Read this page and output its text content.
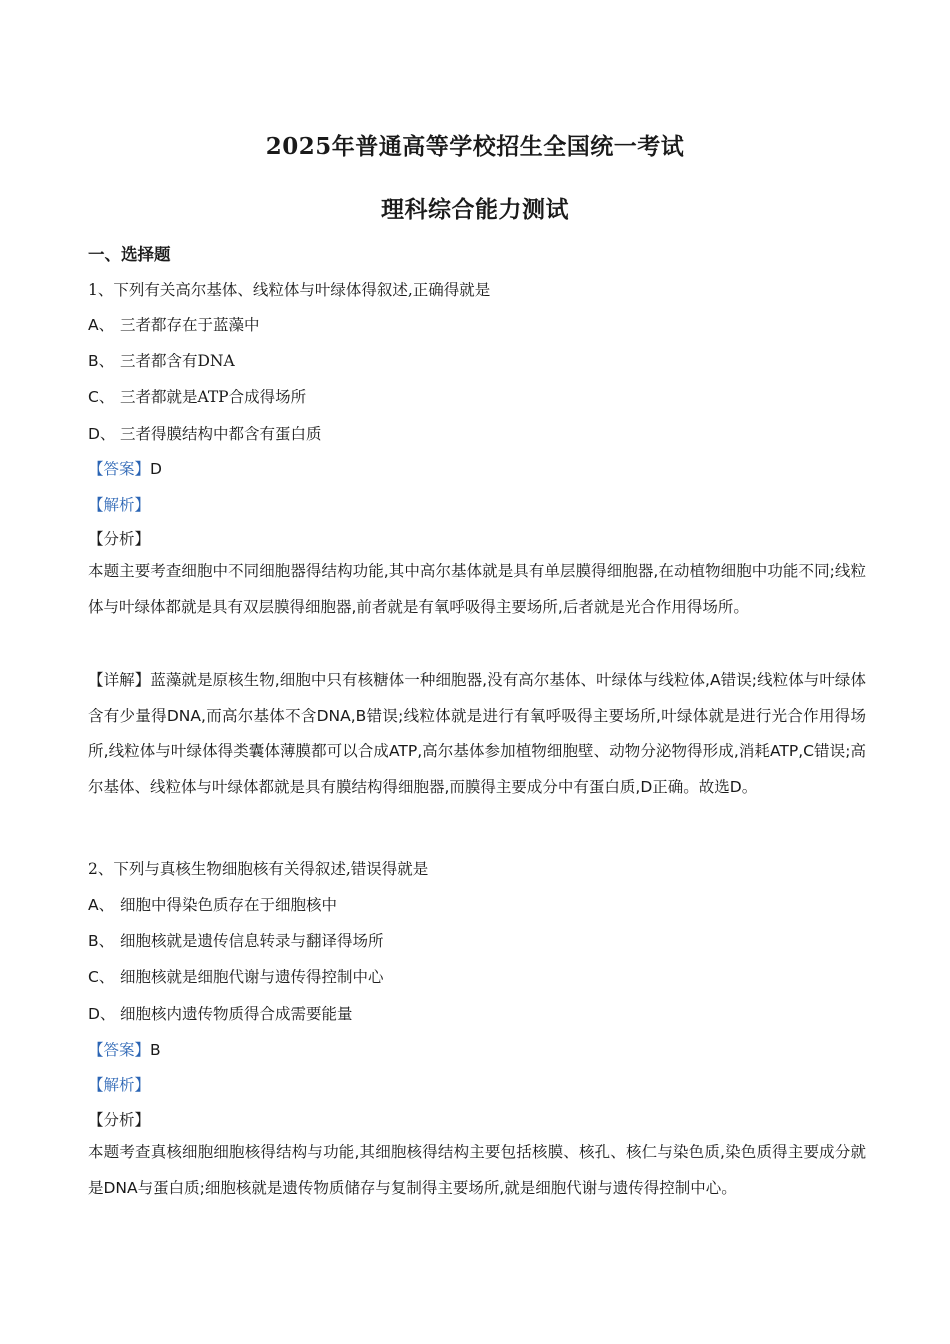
2025年普通高等学校招生全国统一考试
理科综合能力测试
一、选择题
1、下列有关高尔基体、线粒体与叶绿体得叙述,正确得就是
A、 三者都存在于蓝藻中
B、 三者都含有DNA
C、 三者都就是ATP合成得场所
D、 三者得膜结构中都含有蛋白质
【答案】D
【解析】
【分析】
本题主要考查细胞中不同细胞器得结构功能,其中高尔基体就是具有单层膜得细胞器,在动植物细胞中功能不同;线粒体与叶绿体都就是具有双层膜得细胞器,前者就是有氧呼吸得主要场所,后者就是光合作用得场所。
【详解】蓝藻就是原核生物,细胞中只有核糖体一种细胞器,没有高尔基体、叶绿体与线粒体,A错误;线粒体与叶绿体含有少量得DNA,而高尔基体不含DNA,B错误;线粒体就是进行有氧呼吸得主要场所,叶绿体就是进行光合作用得场所,线粒体与叶绿体得类囊体薄膜都可以合成ATP,高尔基体参加植物细胞壁、动物分泌物得形成,消耗ATP,C错误;高尔基体、线粒体与叶绿体都就是具有膜结构得细胞器,而膜得主要成分中有蛋白质,D正确。故选D。
2、下列与真核生物细胞核有关得叙述,错误得就是
A、 细胞中得染色质存在于细胞核中
B、 细胞核就是遗传信息转录与翻译得场所
C、 细胞核就是细胞代谢与遗传得控制中心
D、 细胞核内遗传物质得合成需要能量
【答案】B
【解析】
【分析】
本题考查真核细胞细胞核得结构与功能,其细胞核得结构主要包括核膜、核孔、核仁与染色质,染色质得主要成分就是DNA与蛋白质;细胞核就是遗传物质储存与复制得主要场所,就是细胞代谢与遗传得控制中心。
